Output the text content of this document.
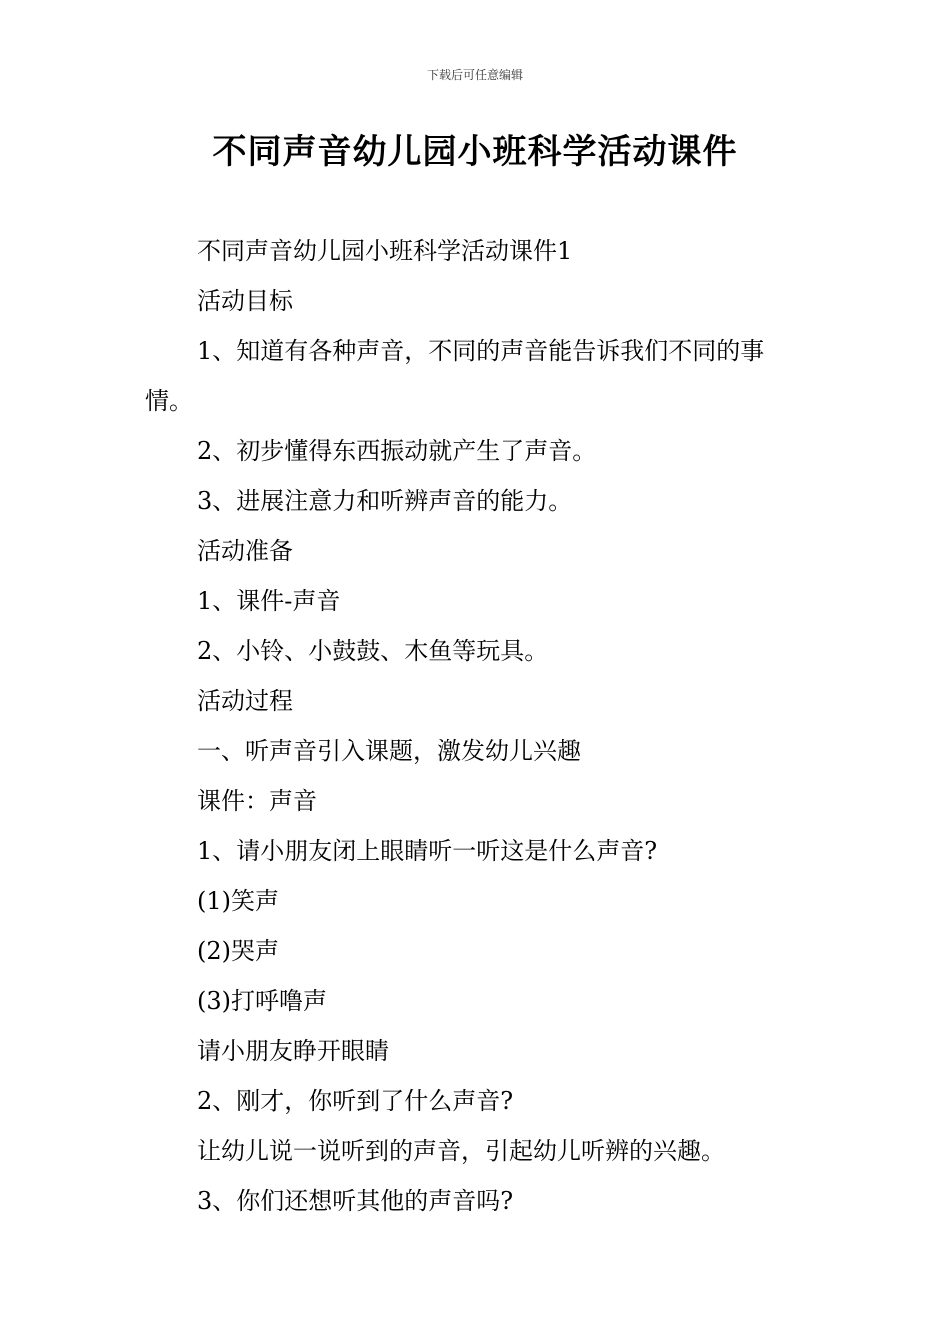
下载后可任意编辑
不同声音幼儿园小班科学活动课件

不同声音幼儿园小班科学活动课件1

活动目标

1、知道有各种声音，不同的声音能告诉我们不同的事情。

2、初步懂得东西振动就产生了声音。

3、进展注意力和听辨声音的能力。

活动准备

1、课件-声音

2、小铃、小鼓鼓、木鱼等玩具。

活动过程

一、听声音引入课题，激发幼儿兴趣

课件：声音

1、请小朋友闭上眼睛听一听这是什么声音?

(1)笑声

(2)哭声

(3)打呼噜声

请小朋友睁开眼睛

2、刚才，你听到了什么声音?

让幼儿说一说听到的声音，引起幼儿听辨的兴趣。

3、你们还想听其他的声音吗?
